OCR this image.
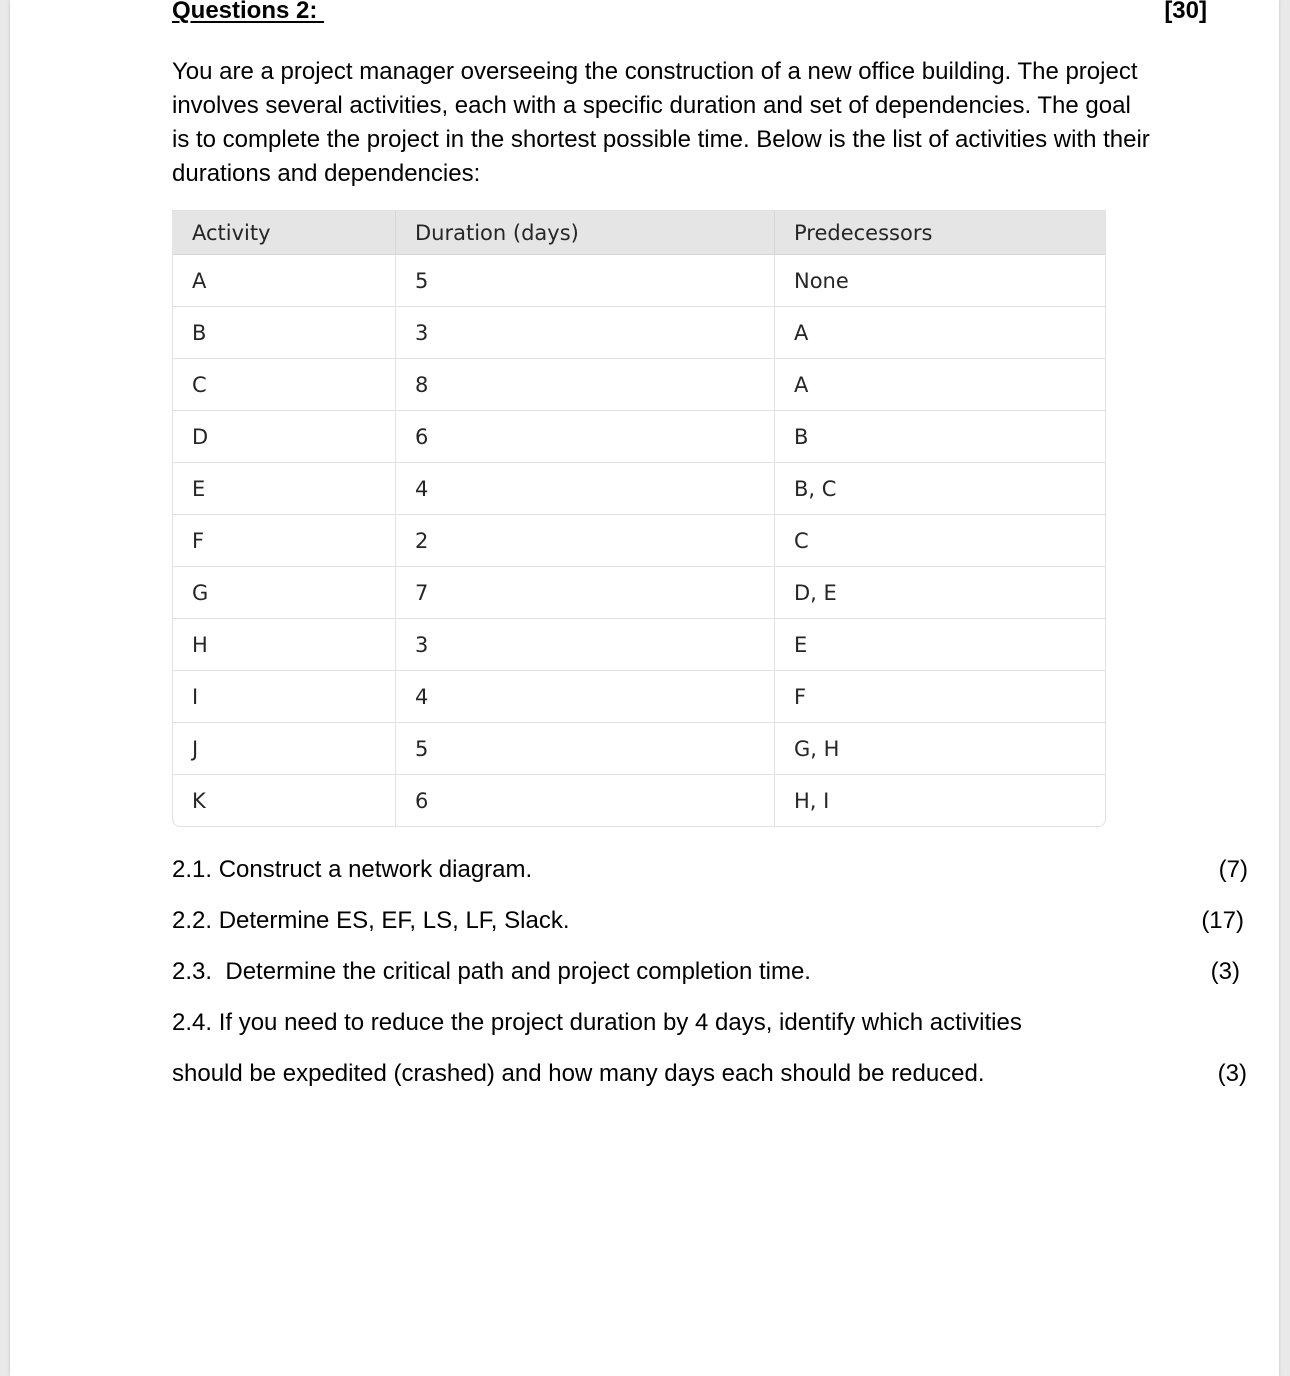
Questions 2:	[30]
You are a project manager overseeing the construction of a new office building. The project involves several activities, each with a specific duration and set of dependencies. The goal is to complete the project in the shortest possible time. Below is the list of activities with their durations and dependencies:
Activity	Duration (days)	Predecessors
A	5	None
B	3	A
C	8	A
D	6	B
E	4	B, C
F	2	C
G	7	D, E
H	3	E
I	4	F
J	5	G, H
K	6	H, I
2.1. Construct a network diagram.	(7)
2.2. Determine ES, EF, LS, LF, Slack.	(17)
2.3.  Determine the critical path and project completion time.	(3)
2.4. If you need to reduce the project duration by 4 days, identify which activities
should be expedited (crashed) and how many days each should be reduced.	(3)
